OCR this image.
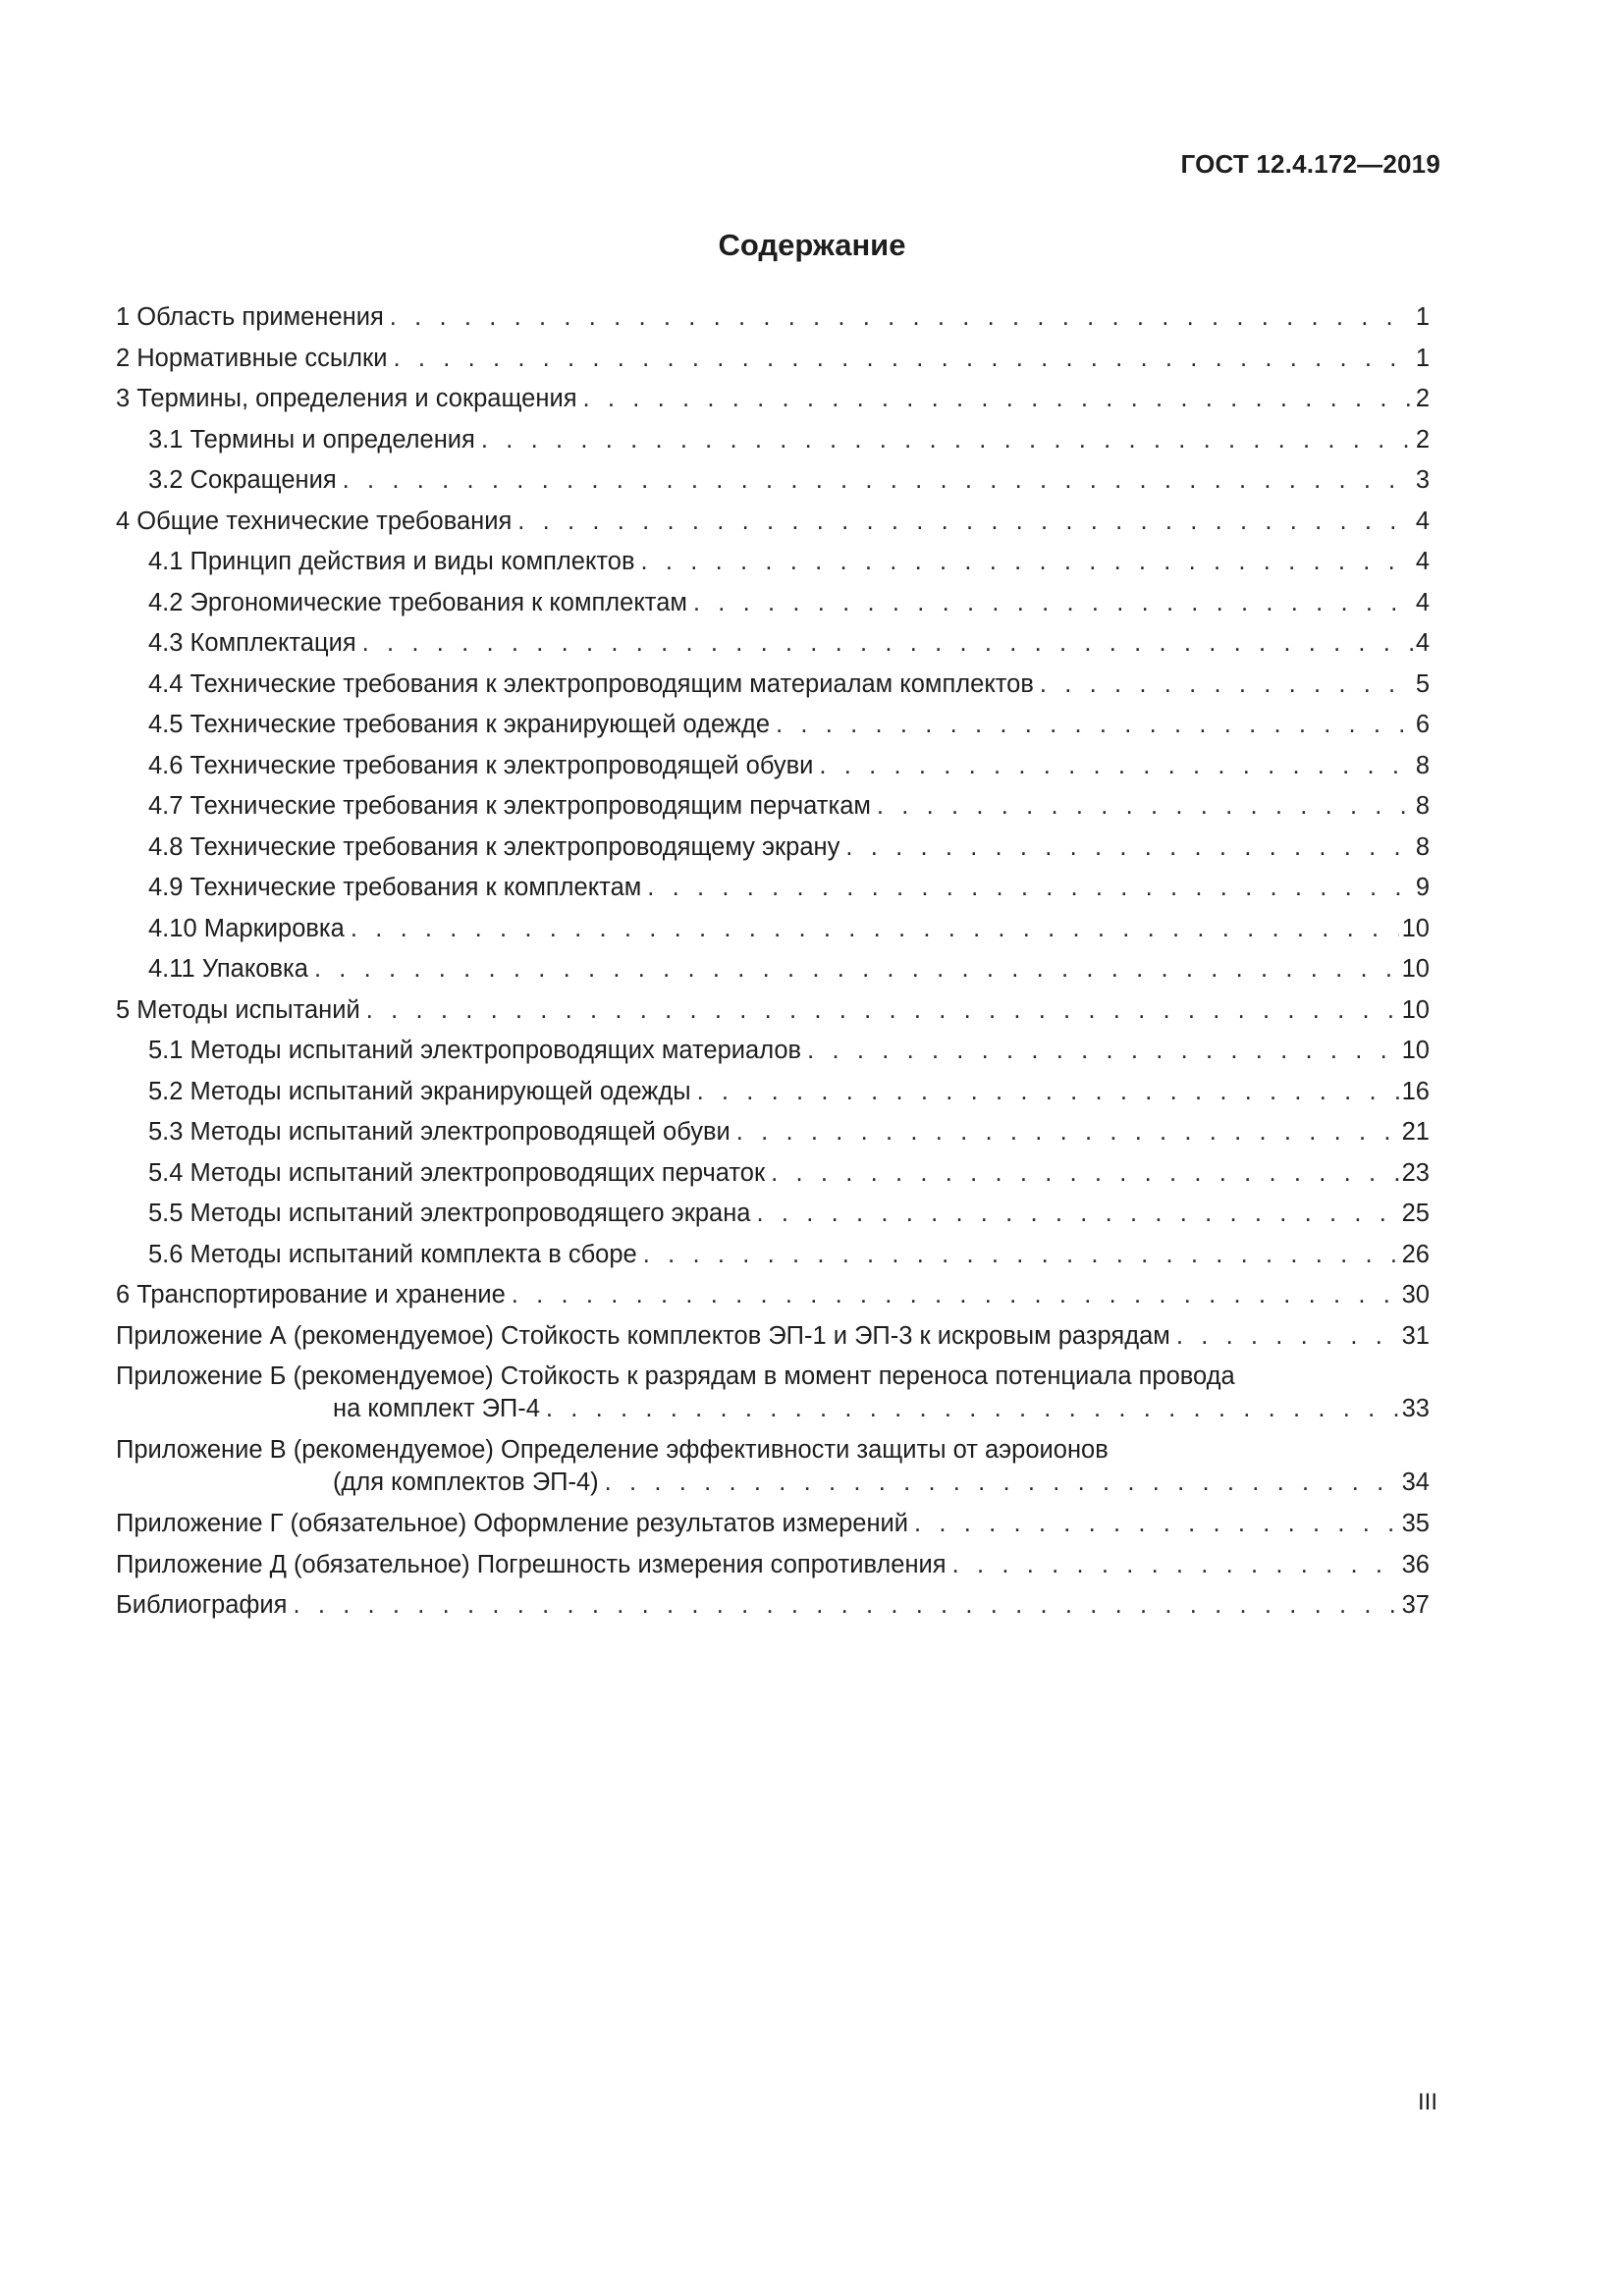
ГОСТ 12.4.172—2019
Содержание
1 Область применения . . .	1
2 Нормативные ссылки . . .	1
3 Термины, определения и сокращения . . .	2
3.1 Термины и определения . . .	2
3.2 Сокращения . . .	3
4 Общие технические требования . . .	4
4.1 Принцип действия и виды комплектов . . .	4
4.2 Эргономические требования к комплектам . . .	4
4.3 Комплектация . . .	4
4.4 Технические требования к электропроводящим материалам комплектов . . .	5
4.5 Технические требования к экранирующей одежде . . .	6
4.6 Технические требования к электропроводящей обуви . . .	8
4.7 Технические требования к электропроводящим перчаткам . . .	8
4.8 Технические требования к электропроводящему экрану . . .	8
4.9 Технические требования к комплектам . . .	9
4.10 Маркировка . . .	10
4.11 Упаковка . . .	10
5 Методы испытаний . . .	10
5.1 Методы испытаний электропроводящих материалов . . .	10
5.2 Методы испытаний экранирующей одежды . . .	16
5.3 Методы испытаний электропроводящей обуви . . .	21
5.4 Методы испытаний электропроводящих перчаток . . .	23
5.5 Методы испытаний электропроводящего экрана . . .	25
5.6 Методы испытаний комплекта в сборе . . .	26
6 Транспортирование и хранение . . .	30
Приложение А (рекомендуемое) Стойкость комплектов ЭП-1 и ЭП-3 к искровым разрядам . . .	31
Приложение Б (рекомендуемое) Стойкость к разрядам в момент переноса потенциала провода
на комплект ЭП-4 . . .	33
Приложение В (рекомендуемое) Определение эффективности защиты от аэроионов
(для комплектов ЭП-4) . . .	34
Приложение Г (обязательное) Оформление результатов измерений . . .	35
Приложение Д (обязательное) Погрешность измерения сопротивления . . .	36
Библиография . . .	37
III
